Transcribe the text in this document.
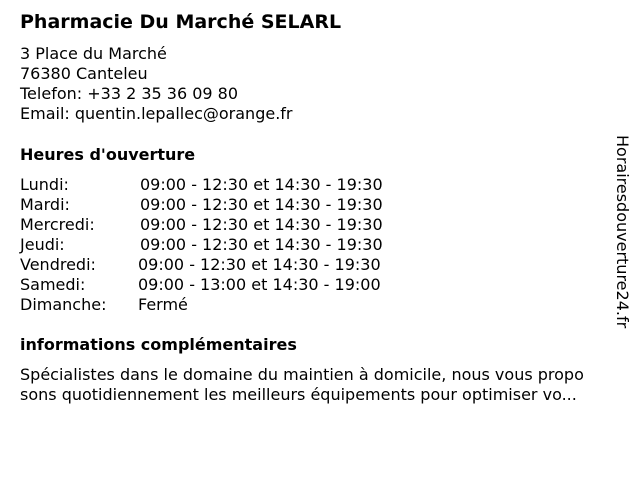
Pharmacie Du Marché SELARL
3 Place du Marché
76380 Canteleu
Telefon: +33 2 35 36 09 80
Email: quentin.lepallec@orange.fr
Heures d'ouverture
Lundi:	09:00 - 12:30 et 14:30 - 19:30
Mardi:	09:00 - 12:30 et 14:30 - 19:30
Mercredi:	09:00 - 12:30 et 14:30 - 19:30
Jeudi:	09:00 - 12:30 et 14:30 - 19:30
Vendredi:	09:00 - 12:30 et 14:30 - 19:30
Samedi:	09:00 - 13:00 et 14:30 - 19:00
Dimanche: Fermé
informations complémentaires
Spécialistes dans le domaine du maintien à domicile, nous vous propo
sons quotidiennement les meilleurs équipements pour optimiser vo...
Horairesdouverture24.fr
